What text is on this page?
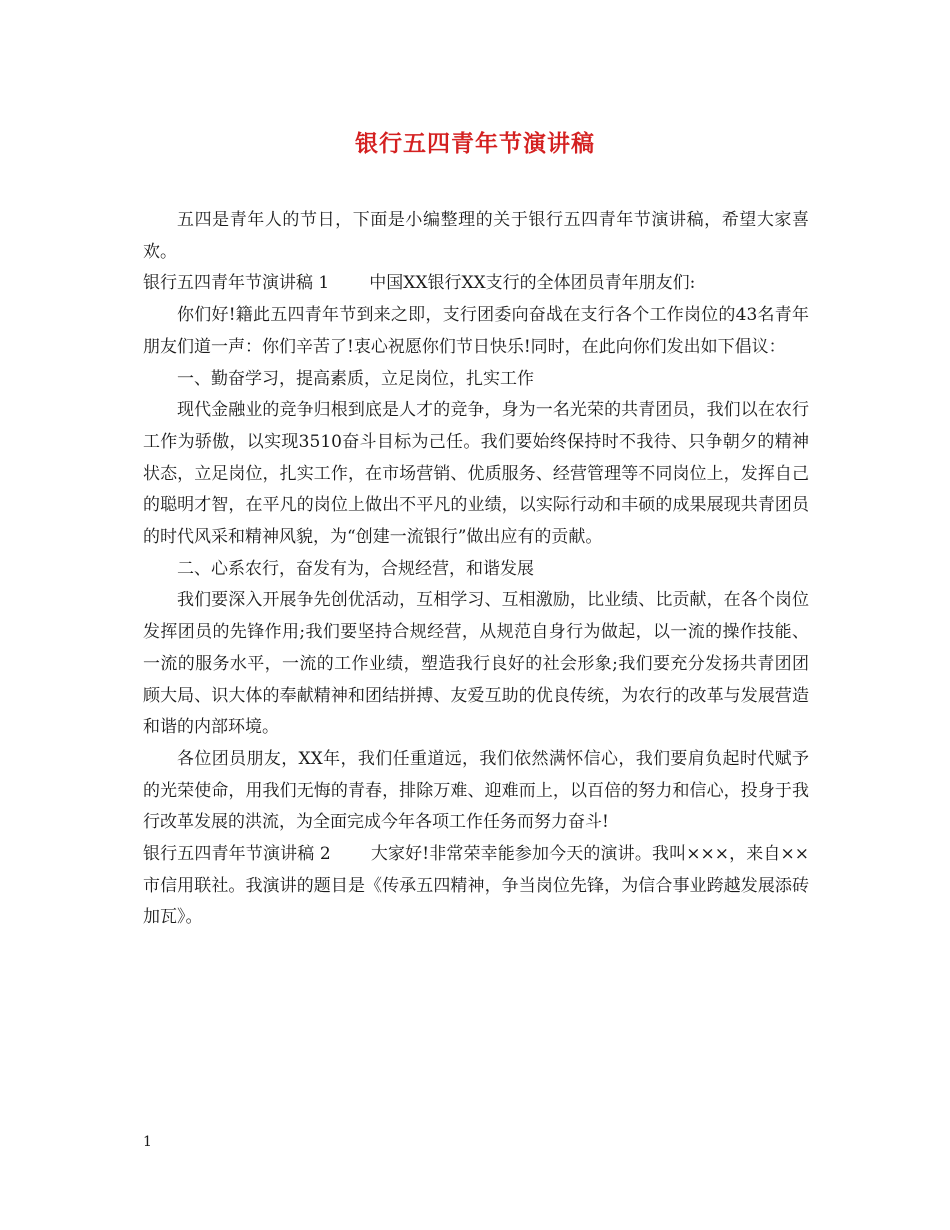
银行五四青年节演讲稿

五四是青年人的节日，下面是小编整理的关于银行五四青年节演讲稿，希望大家喜欢。

银行五四青年节演讲稿 1 中国XX银行XX支行的全体团员青年朋友们:

你们好!籍此五四青年节到来之即，支行团委向奋战在支行各个工作岗位的43名青年朋友们道一声：你们辛苦了!衷心祝愿你们节日快乐!同时，在此向你们发出如下倡议：

一、勤奋学习，提高素质，立足岗位，扎实工作

现代金融业的竞争归根到底是人才的竞争，身为一名光荣的共青团员，我们以在农行工作为骄傲，以实现3510奋斗目标为己任。我们要始终保持时不我待、只争朝夕的精神状态，立足岗位，扎实工作，在市场营销、优质服务、经营管理等不同岗位上，发挥自己的聪明才智，在平凡的岗位上做出不平凡的业绩，以实际行动和丰硕的成果展现共青团员的时代风采和精神风貌，为“创建一流银行”做出应有的贡献。

二、心系农行，奋发有为，合规经营，和谐发展

我们要深入开展争先创优活动，互相学习、互相激励，比业绩、比贡献，在各个岗位发挥团员的先锋作用;我们要坚持合规经营，从规范自身行为做起，以一流的操作技能、一流的服务水平，一流的工作业绩，塑造我行良好的社会形象;我们要充分发扬共青团团顾大局、识大体的奉献精神和团结拼搏、友爱互助的优良传统，为农行的改革与发展营造和谐的内部环境。

各位团员朋友，XX年，我们任重道远，我们依然满怀信心，我们要肩负起时代赋予的光荣使命，用我们无悔的青春，排除万难、迎难而上，以百倍的努力和信心，投身于我行改革发展的洪流，为全面完成今年各项工作任务而努力奋斗!

银行五四青年节演讲稿 2 大家好!非常荣幸能参加今天的演讲。我叫×××，来自××市信用联社。我演讲的题目是《传承五四精神，争当岗位先锋，为信合事业跨越发展添砖加瓦》。

1
